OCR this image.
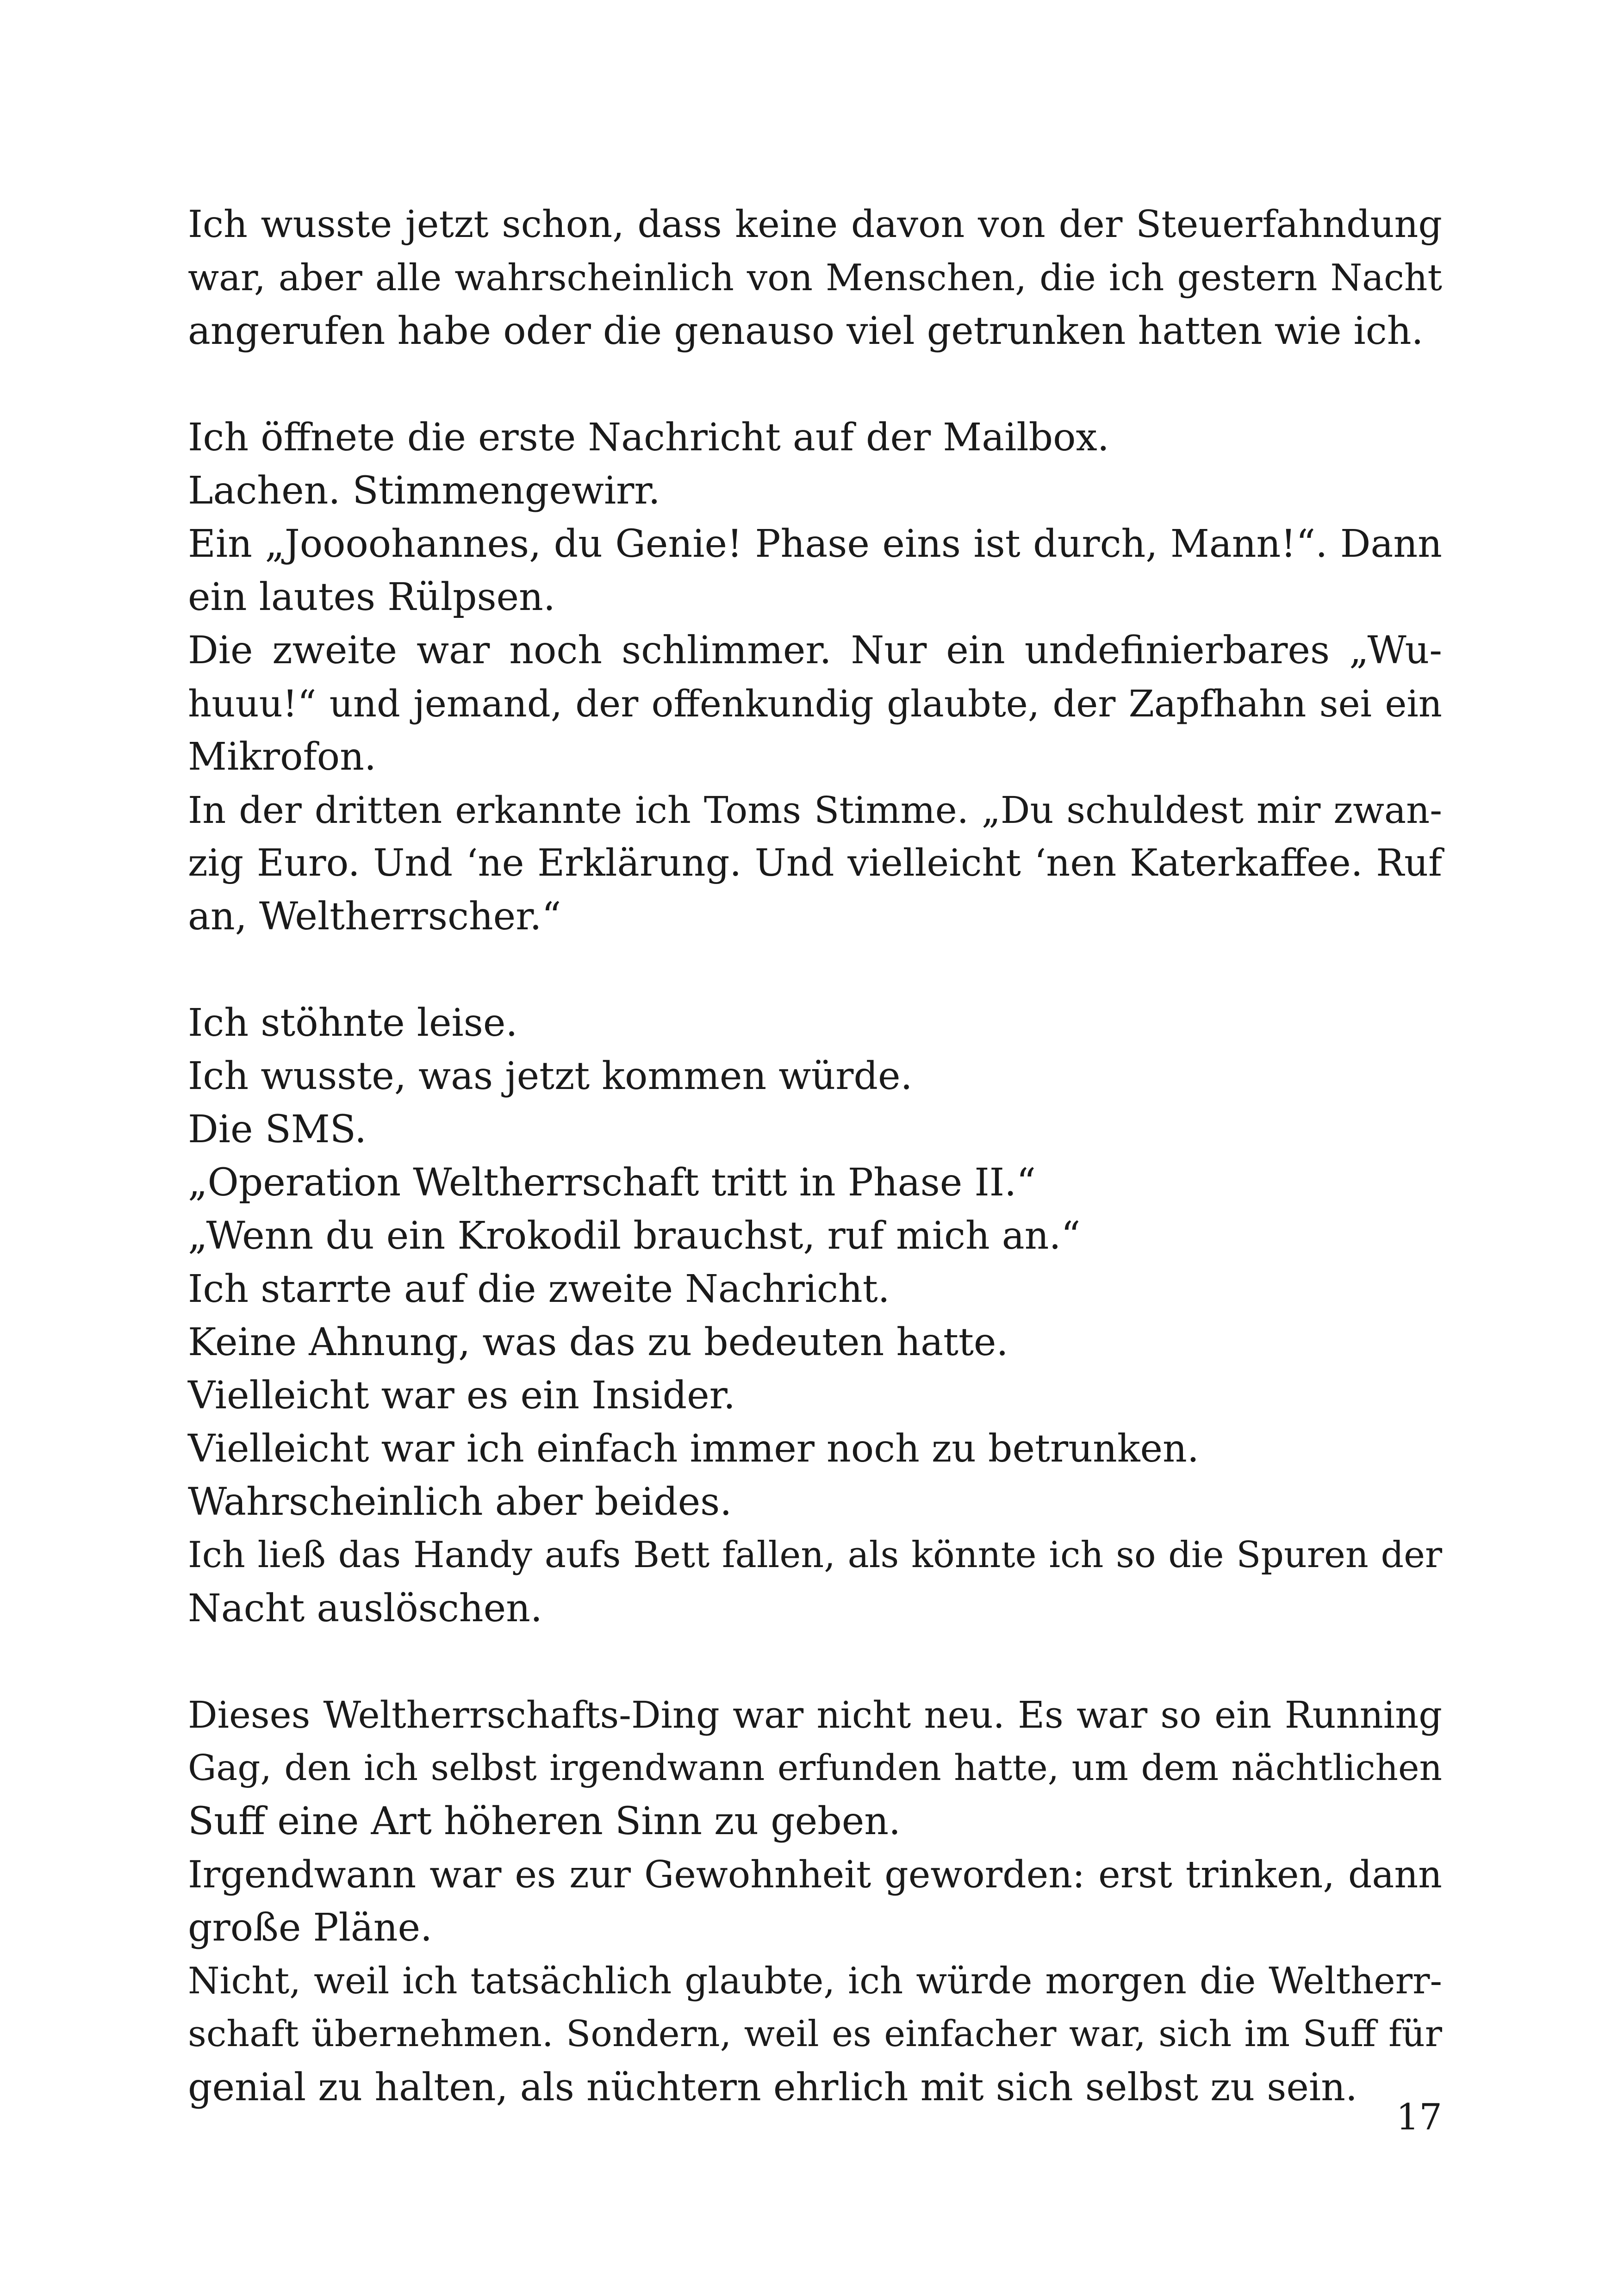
Ich wusste jetzt schon, dass keine davon von der Steuerfahndung
war, aber alle wahrscheinlich von Menschen, die ich gestern Nacht
angerufen habe oder die genauso viel getrunken hatten wie ich.
Ich öffnete die erste Nachricht auf der Mailbox.
Lachen. Stimmengewirr.
Ein „Joooohannes, du Genie! Phase eins ist durch, Mann!“. Dann
ein lautes Rülpsen.
Die zweite war noch schlimmer. Nur ein undefinierbares „Wu-
huuu!“ und jemand, der offenkundig glaubte, der Zapfhahn sei ein
Mikrofon.
In der dritten erkannte ich Toms Stimme. „Du schuldest mir zwan-
zig Euro. Und ‘ne Erklärung. Und vielleicht ‘nen Katerkaffee. Ruf
an, Weltherrscher.“
Ich stöhnte leise.
Ich wusste, was jetzt kommen würde.
Die SMS.
„Operation Weltherrschaft tritt in Phase II.“
„Wenn du ein Krokodil brauchst, ruf mich an.“
Ich starrte auf die zweite Nachricht.
Keine Ahnung, was das zu bedeuten hatte.
Vielleicht war es ein Insider.
Vielleicht war ich einfach immer noch zu betrunken.
Wahrscheinlich aber beides.
Ich ließ das Handy aufs Bett fallen, als könnte ich so die Spuren der
Nacht auslöschen.
Dieses Weltherrschafts-Ding war nicht neu. Es war so ein Running
Gag, den ich selbst irgendwann erfunden hatte, um dem nächtlichen
Suff eine Art höheren Sinn zu geben.
Irgendwann war es zur Gewohnheit geworden: erst trinken, dann
große Pläne.
Nicht, weil ich tatsächlich glaubte, ich würde morgen die Weltherr-
schaft übernehmen. Sondern, weil es einfacher war, sich im Suff für
genial zu halten, als nüchtern ehrlich mit sich selbst zu sein.
17
